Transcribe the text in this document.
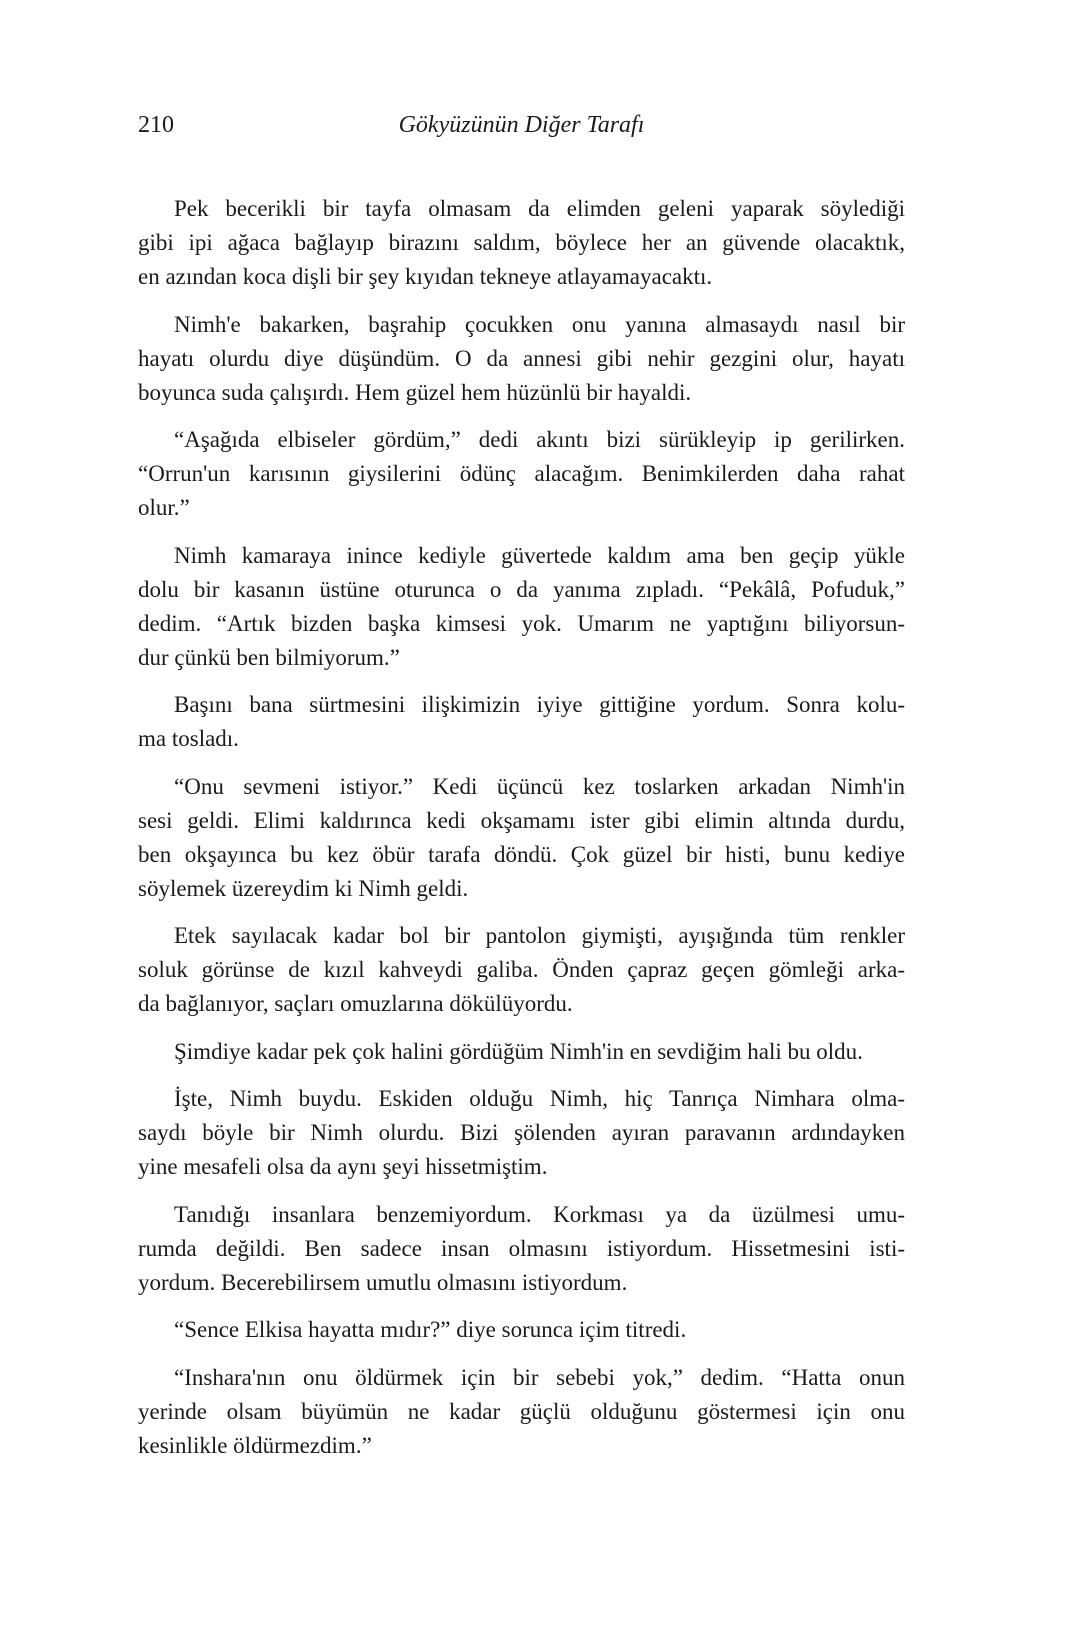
210	Gökyüzünün Diğer Tarafı
Pek becerikli bir tayfa olmasam da elimden geleni yaparak söylediği
gibi ipi ağaca bağlayıp birazını saldım, böylece her an güvende olacaktık,
en azından koca dişli bir şey kıyıdan tekneye atlayamayacaktı.
Nimh'e bakarken, başrahip çocukken onu yanına almasaydı nasıl bir
hayatı olurdu diye düşündüm. O da annesi gibi nehir gezgini olur, hayatı
boyunca suda çalışırdı. Hem güzel hem hüzünlü bir hayaldi.
“Aşağıda elbiseler gördüm,” dedi akıntı bizi sürükleyip ip gerilirken.
“Orrun'un karısının giysilerini ödünç alacağım. Benimkilerden daha rahat
olur.”
Nimh kamaraya inince kediyle güvertede kaldım ama ben geçip yükle
dolu bir kasanın üstüne oturunca o da yanıma zıpladı. “Pekâlâ, Pofuduk,”
dedim. “Artık bizden başka kimsesi yok. Umarım ne yaptığını biliyorsun-
dur çünkü ben bilmiyorum.”
Başını bana sürtmesini ilişkimizin iyiye gittiğine yordum. Sonra kolu-
ma tosladı.
“Onu sevmeni istiyor.” Kedi üçüncü kez toslarken arkadan Nimh'in
sesi geldi. Elimi kaldırınca kedi okşamamı ister gibi elimin altında durdu,
ben okşayınca bu kez öbür tarafa döndü. Çok güzel bir histi, bunu kediye
söylemek üzereydim ki Nimh geldi.
Etek sayılacak kadar bol bir pantolon giymişti, ayışığında tüm renkler
soluk görünse de kızıl kahveydi galiba. Önden çapraz geçen gömleği arka-
da bağlanıyor, saçları omuzlarına dökülüyordu.
Şimdiye kadar pek çok halini gördüğüm Nimh'in en sevdiğim hali bu oldu.
İşte, Nimh buydu. Eskiden olduğu Nimh, hiç Tanrıça Nimhara olma-
saydı böyle bir Nimh olurdu. Bizi şölenden ayıran paravanın ardındayken
yine mesafeli olsa da aynı şeyi hissetmiştim.
Tanıdığı insanlara benzemiyordum. Korkması ya da üzülmesi umu-
rumda değildi. Ben sadece insan olmasını istiyordum. Hissetmesini isti-
yordum. Becerebilirsem umutlu olmasını istiyordum.
“Sence Elkisa hayatta mıdır?” diye sorunca içim titredi.
“Inshara'nın onu öldürmek için bir sebebi yok,” dedim. “Hatta onun
yerinde olsam büyümün ne kadar güçlü olduğunu göstermesi için onu
kesinlikle öldürmezdim.”
